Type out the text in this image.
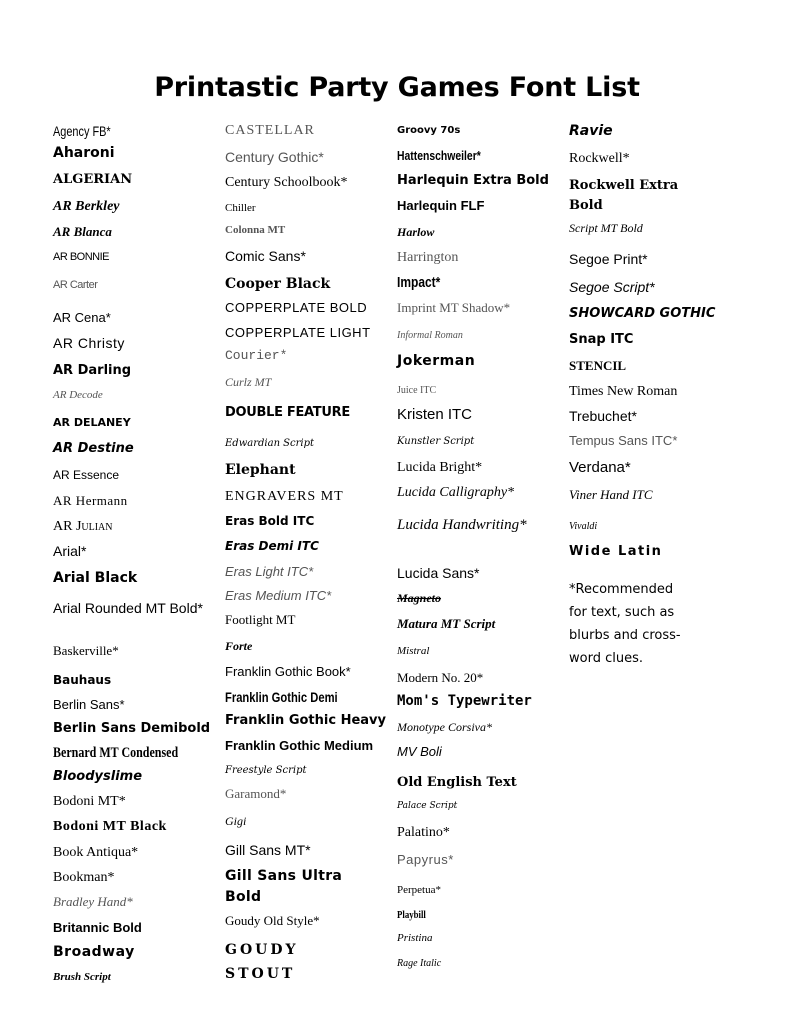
Printastic Party Games Font List
Agency FB*
Aharoni
ALGERIAN
AR Berkley
AR Blanca
AR BONNIE
AR Carter
AR Cena*
AR Christy
AR Darling
AR Decode
AR DELANEY
AR Destine
AR Essence
AR Hermann
AR Julian
Arial*
Arial Black
Arial Rounded MT Bold*
Baskerville*
Bauhaus
Berlin Sans*
Berlin Sans Demibold
Bernard MT Condensed
Bloodyslime
Bodoni MT*
Bodoni MT Black
Book Antiqua*
Bookman*
Bradley Hand*
Britannic Bold
Broadway
Brush Script
CASTELLAR
Century Gothic*
Century Schoolbook*
Chiller
Colonna MT
Comic Sans*
Cooper Black
COPPERPLATE BOLD
COPPERPLATE LIGHT
Courier*
Curlz MT
DOUBLE FEATURE
Edwardian Script
Elephant
ENGRAVERS MT
Eras Bold ITC
Eras Demi ITC
Eras Light ITC*
Eras Medium ITC*
Footlight MT
Forte
Franklin Gothic Book*
Franklin Gothic Demi
Franklin Gothic Heavy
Franklin Gothic Medium
Freestyle Script
Garamond*
Gigi
Gill Sans MT*
Gill Sans Ultra Bold
Goudy Old Style*
GOUDY STOUT
Groovy 70s
Hattenschweiler*
Harlequin Extra Bold
Harlequin FLF
Harlow
Harrington
Impact*
Imprint MT Shadow*
Informal Roman
Jokerman
Juice ITC
Kristen ITC
Kunstler Script
Lucida Bright*
Lucida Calligraphy*
Lucida Handwriting*
Lucida Sans*
Magneto
Matura MT Script
Mistral
Modern No. 20*
Mom's Typewriter
Monotype Corsiva*
MV Boli
Old English Text
Palace Script
Palatino*
Papyrus*
Perpetua*
Playbill
Pristina
Rage Italic
Ravie
Rockwell*
Rockwell Extra Bold
Script MT Bold
Segoe Print*
Segoe Script*
SHOWCARD GOTHIC
Snap ITC
STENCIL
Times New Roman
Trebuchet*
Tempus Sans ITC*
Verdana*
Viner Hand ITC
Vivaldi
Wide Latin
*Recommended for text, such as blurbs and cross-word clues.
